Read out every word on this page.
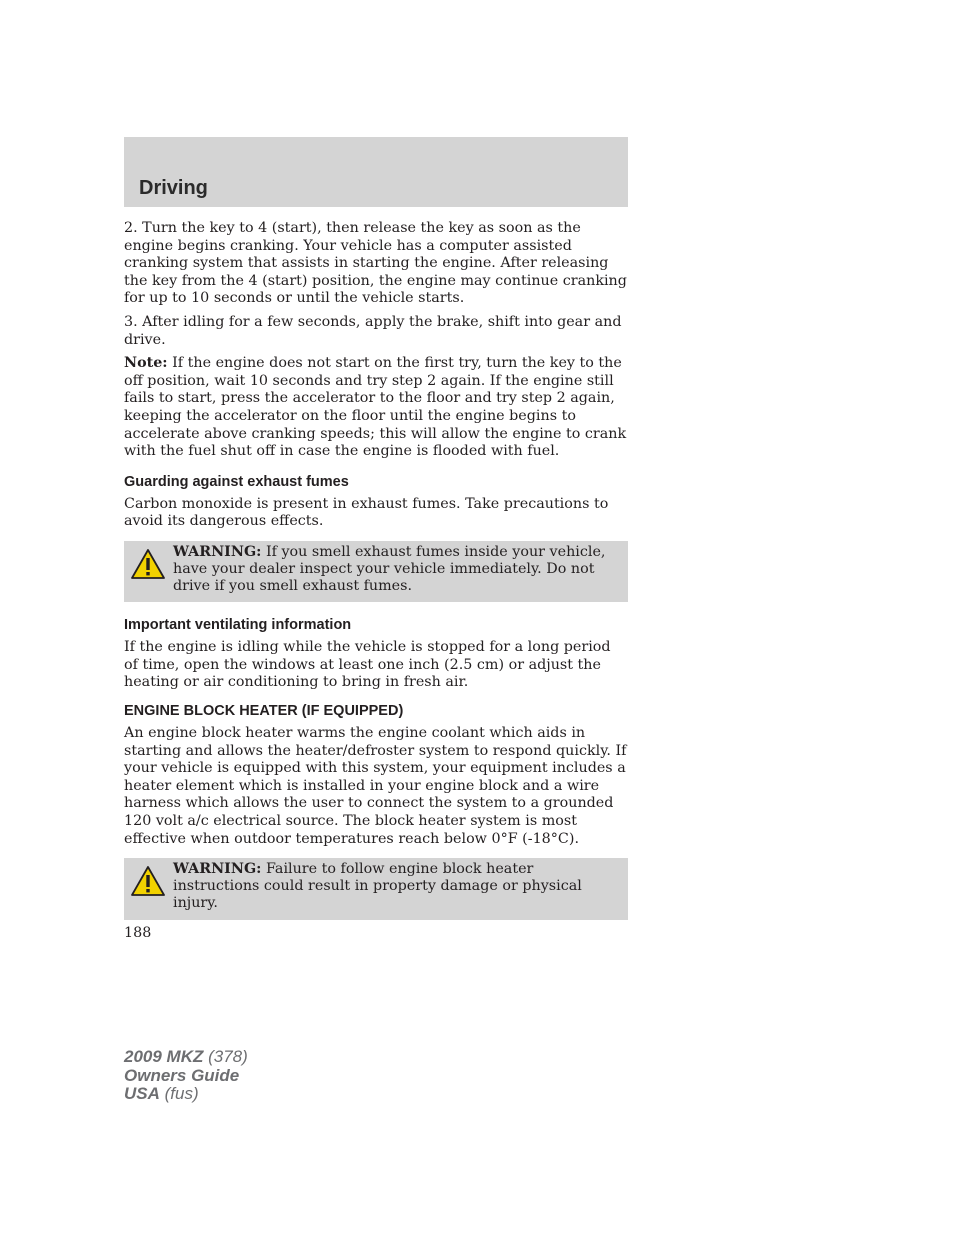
Driving

2. Turn the key to 4 (start), then release the key as soon as the engine begins cranking. Your vehicle has a computer assisted cranking system that assists in starting the engine. After releasing the key from the 4 (start) position, the engine may continue cranking for up to 10 seconds or until the vehicle starts.

3. After idling for a few seconds, apply the brake, shift into gear and drive.

Note: If the engine does not start on the first try, turn the key to the off position, wait 10 seconds and try step 2 again. If the engine still fails to start, press the accelerator to the floor and try step 2 again, keeping the accelerator on the floor until the engine begins to accelerate above cranking speeds; this will allow the engine to crank with the fuel shut off in case the engine is flooded with fuel.

Guarding against exhaust fumes

Carbon monoxide is present in exhaust fumes. Take precautions to avoid its dangerous effects.

WARNING: If you smell exhaust fumes inside your vehicle, have your dealer inspect your vehicle immediately. Do not drive if you smell exhaust fumes.
Important ventilating information

If the engine is idling while the vehicle is stopped for a long period of time, open the windows at least one inch (2.5 cm) or adjust the heating or air conditioning to bring in fresh air.

ENGINE BLOCK HEATER (IF EQUIPPED)

An engine block heater warms the engine coolant which aids in starting and allows the heater/defroster system to respond quickly. If your vehicle is equipped with this system, your equipment includes a heater element which is installed in your engine block and a wire harness which allows the user to connect the system to a grounded 120 volt a/c electrical source. The block heater system is most effective when outdoor temperatures reach below 0°F (-18°C).

WARNING: Failure to follow engine block heater instructions could result in property damage or physical injury.
188
2009 MKZ (378)
Owners Guide
USA (fus)
